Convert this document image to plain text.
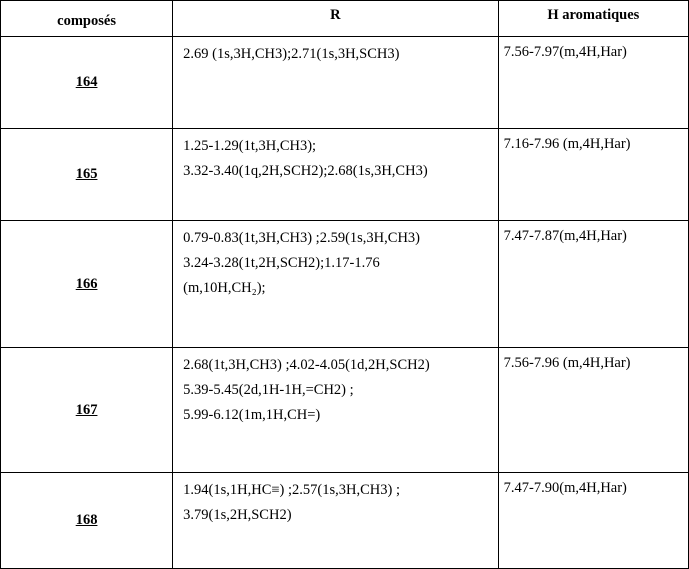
composés	R	H aromatiques

164	2.69 (1s,3H,CH3);2.71(1s,3H,SCH3)	7.56-7.97(m,4H,Har)

165	1.25-1.29(1t,3H,CH3);
3.32-3.40(1q,2H,SCH2);2.68(1s,3H,CH3)	7.16-7.96 (m,4H,Har)

166	0.79-0.83(1t,3H,CH3) ;2.59(1s,3H,CH3)
3.24-3.28(1t,2H,SCH2);1.17-1.76
(m,10H,CH₂);	7.47-7.87(m,4H,Har)

167	2.68(1t,3H,CH3) ;4.02-4.05(1d,2H,SCH2)
5.39-5.45(2d,1H-1H,=CH2) ;
5.99-6.12(1m,1H,CH=)	7.56-7.96 (m,4H,Har)

168	1.94(1s,1H,HC≡) ;2.57(1s,3H,CH3) ;
3.79(1s,2H,SCH2)	7.47-7.90(m,4H,Har)
